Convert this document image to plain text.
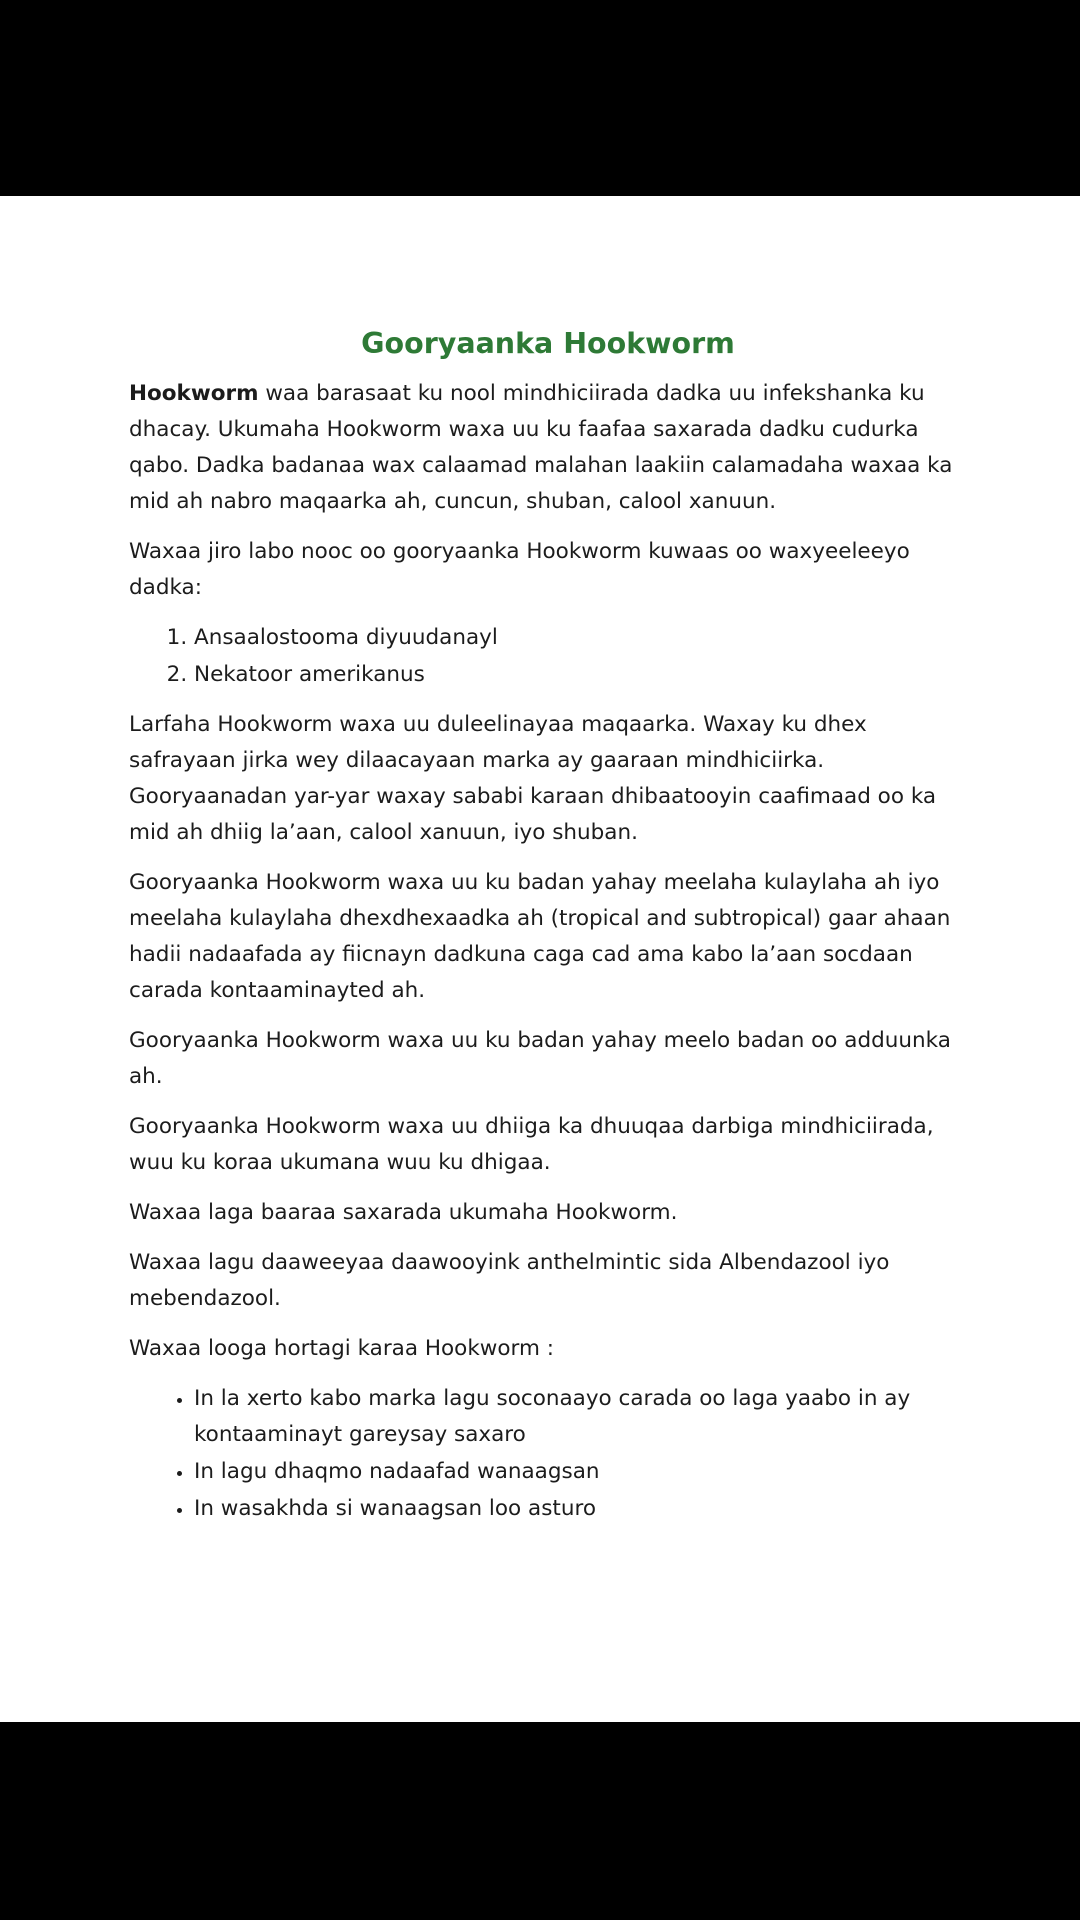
Gooryaanka Hookworm

Hookworm waa barasaat ku nool mindhiciirada dadka uu infekshanka ku dhacay. Ukumaha Hookworm waxa uu ku faafaa saxarada dadku cudurka qabo. Dadka badanaa wax calaamad malahan laakiin calamadaha waxaa ka mid ah nabro maqaarka ah, cuncun, shuban, calool xanuun.

Waxaa jiro labo nooc oo gooryaanka Hookworm kuwaas oo waxyeeleeyo dadka:

1. Ansaalostooma diyuudanayl
2. Nekatoor amerikanus

Larfaha Hookworm waxa uu duleelinayaa maqaarka. Waxay ku dhex safrayaan jirka wey dilaacayaan marka ay gaaraan mindhiciirka. Gooryaanadan yar-yar waxay sababi karaan dhibaatooyin caafimaad oo ka mid ah dhiig la’aan, calool xanuun, iyo shuban.

Gooryaanka Hookworm waxa uu ku badan yahay meelaha kulaylaha ah iyo meelaha kulaylaha dhexdhexaadka ah (tropical and subtropical) gaar ahaan hadii nadaafada ay fiicnayn dadkuna caga cad ama kabo la’aan socdaan carada kontaaminayted ah.

Gooryaanka Hookworm waxa uu ku badan yahay meelo badan oo adduunka ah.

Gooryaanka Hookworm waxa uu dhiiga ka dhuuqaa darbiga mindhiciirada, wuu ku koraa ukumana wuu ku dhigaa.

Waxaa laga baaraa saxarada ukumaha Hookworm.

Waxaa lagu daaweeyaa daawooyink anthelmintic sida Albendazool iyo mebendazool.

Waxaa looga hortagi karaa Hookworm :

• In la xerto kabo marka lagu soconaayo carada oo laga yaabo in ay kontaaminayt gareysay saxaro
• In lagu dhaqmo nadaafad wanaagsan
• In wasakhda si wanaagsan loo asturo
